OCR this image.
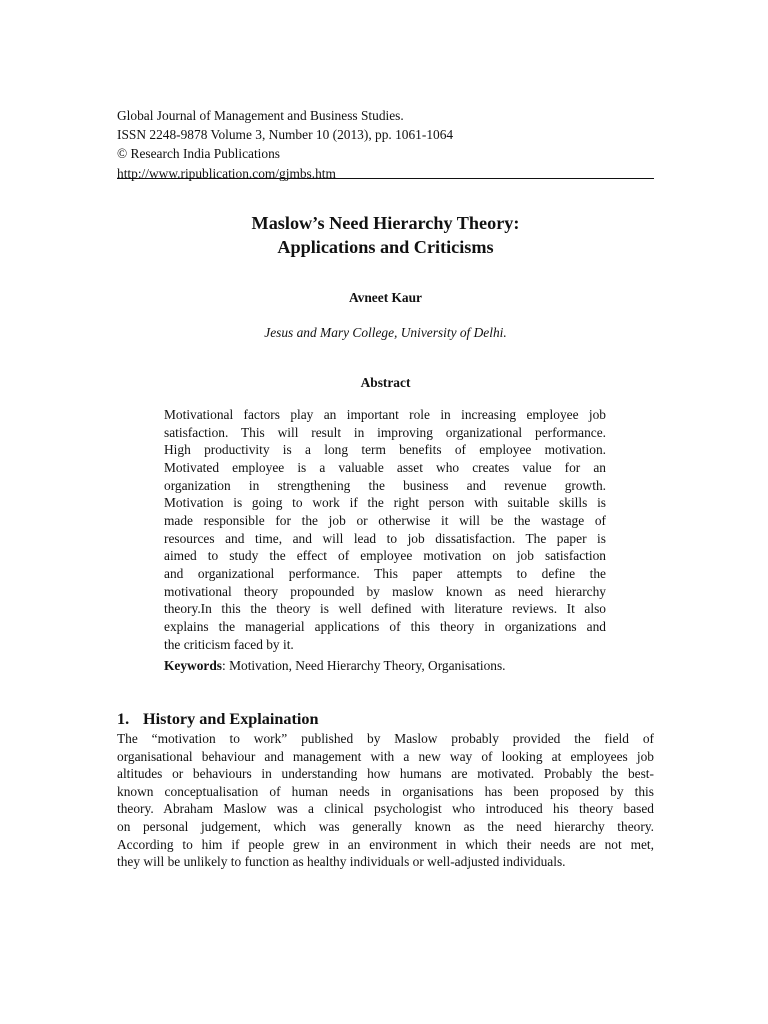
Global Journal of Management and Business Studies.
ISSN 2248-9878 Volume 3, Number 10 (2013), pp. 1061-1064
© Research India Publications
http://www.ripublication.com/gjmbs.htm
Maslow’s Need Hierarchy Theory:
Applications and Criticisms
Avneet Kaur
Jesus and Mary College, University of Delhi.
Abstract
Motivational factors play an important role in increasing employee job
satisfaction. This will result in improving organizational performance.
High productivity is a long term benefits of employee motivation.
Motivated employee is a valuable asset who creates value for an
organization in strengthening the business and revenue growth.
Motivation is going to work if the right person with suitable skills is
made responsible for the job or otherwise it will be the wastage of
resources and time, and will lead to job dissatisfaction. The paper is
aimed to study the effect of employee motivation on job satisfaction
and organizational performance. This paper attempts to define the
motivational theory propounded by maslow known as need hierarchy
theory.In this the theory is well defined with literature reviews. It also
explains the managerial applications of this theory in organizations and
the criticism faced by it.
Keywords: Motivation, Need Hierarchy Theory, Organisations.
1. History and Explaination
The “motivation to work” published by Maslow probably provided the field of
organisational behaviour and management with a new way of looking at employees job
altitudes or behaviours in understanding how humans are motivated. Probably the best-
known conceptualisation of human needs in organisations has been proposed by this
theory. Abraham Maslow was a clinical psychologist who introduced his theory based
on personal judgement, which was generally known as the need hierarchy theory.
According to him if people grew in an environment in which their needs are not met,
they will be unlikely to function as healthy individuals or well-adjusted individuals.
